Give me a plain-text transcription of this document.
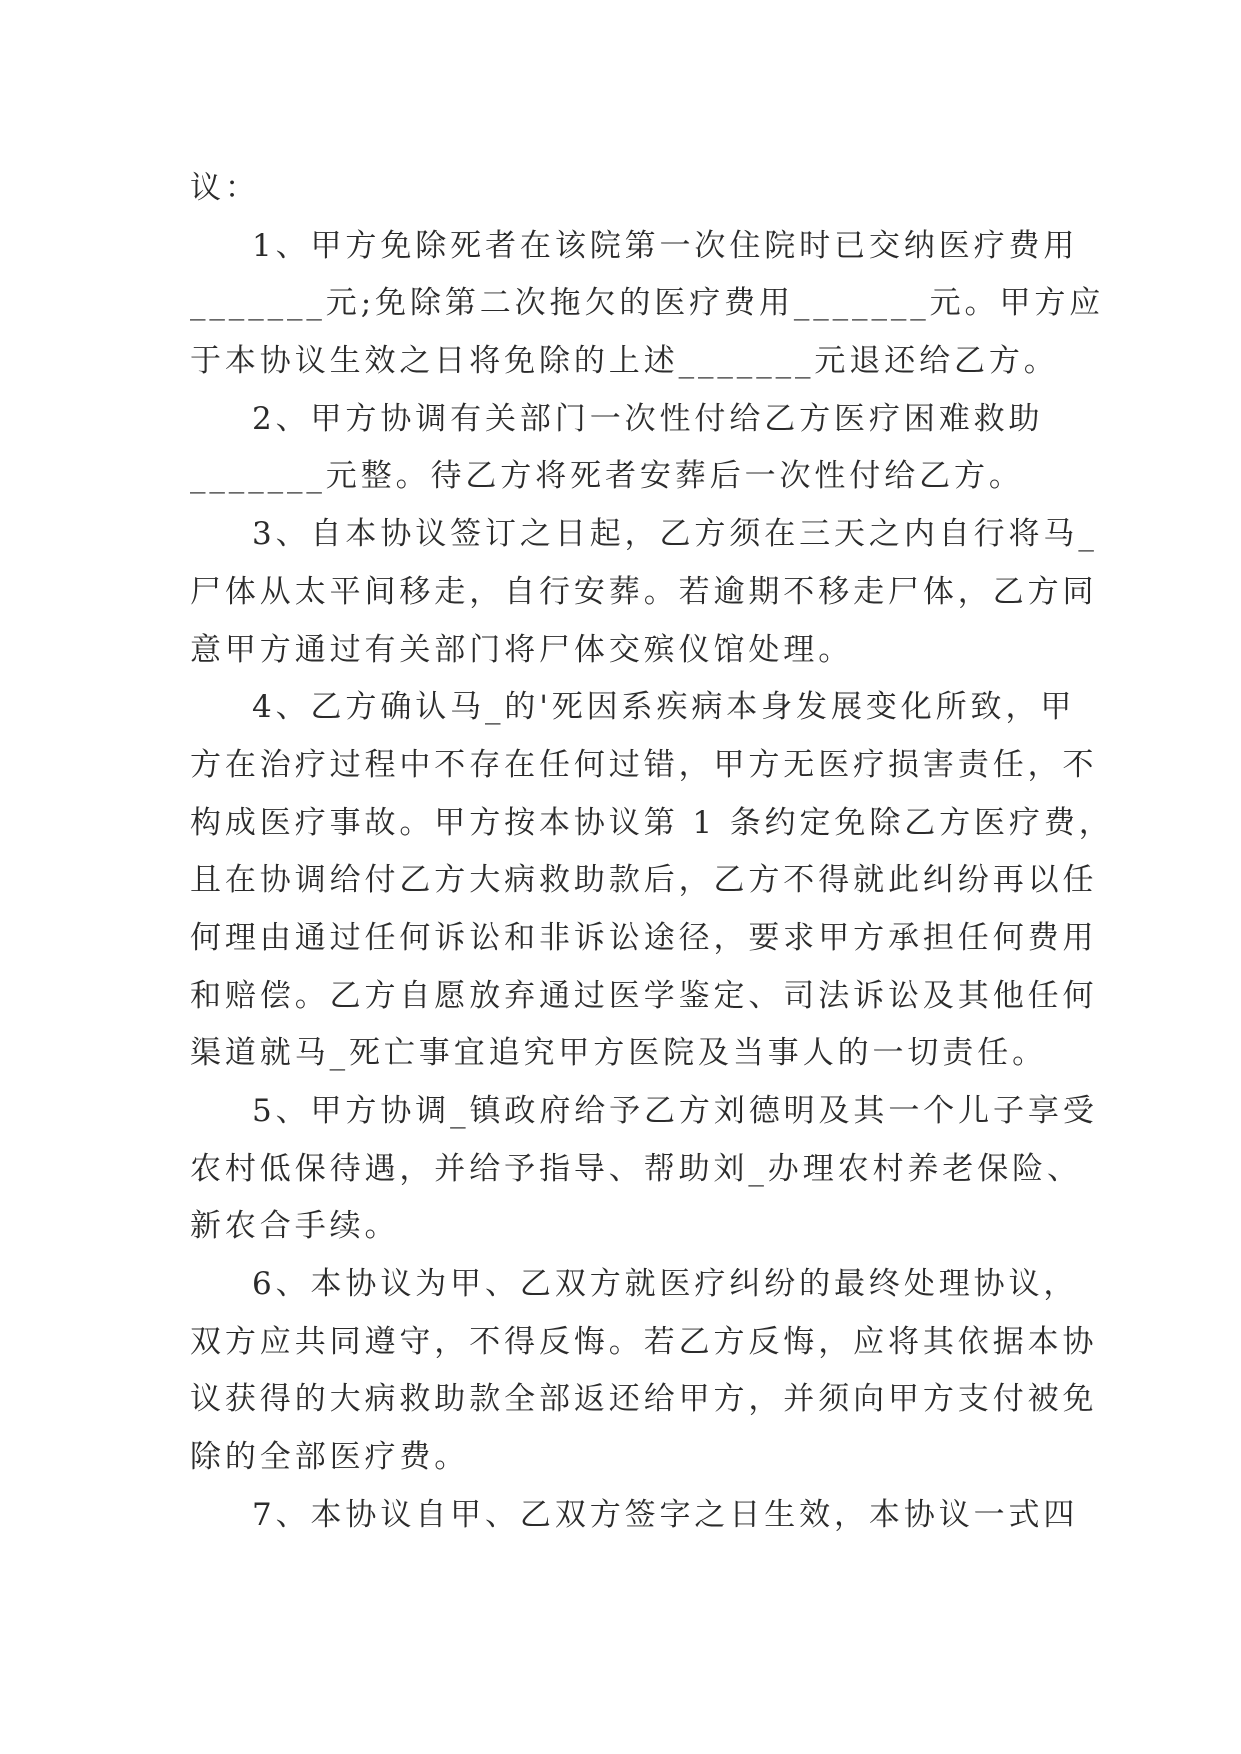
议：
1、甲方免除死者在该院第一次住院时已交纳医疗费用
_______元;免除第二次拖欠的医疗费用_______元。甲方应
于本协议生效之日将免除的上述_______元退还给乙方。
2、甲方协调有关部门一次性付给乙方医疗困难救助
_______元整。待乙方将死者安葬后一次性付给乙方。
3、自本协议签订之日起，乙方须在三天之内自行将马_
尸体从太平间移走，自行安葬。若逾期不移走尸体，乙方同
意甲方通过有关部门将尸体交殡仪馆处理。
4、乙方确认马_的'死因系疾病本身发展变化所致，甲
方在治疗过程中不存在任何过错，甲方无医疗损害责任，不
构成医疗事故。甲方按本协议第 1 条约定免除乙方医疗费，
且在协调给付乙方大病救助款后，乙方不得就此纠纷再以任
何理由通过任何诉讼和非诉讼途径，要求甲方承担任何费用
和赔偿。乙方自愿放弃通过医学鉴定、司法诉讼及其他任何
渠道就马_死亡事宜追究甲方医院及当事人的一切责任。
5、甲方协调_镇政府给予乙方刘德明及其一个儿子享受
农村低保待遇，并给予指导、帮助刘_办理农村养老保险、
新农合手续。
6、本协议为甲、乙双方就医疗纠纷的最终处理协议，
双方应共同遵守，不得反悔。若乙方反悔，应将其依据本协
议获得的大病救助款全部返还给甲方，并须向甲方支付被免
除的全部医疗费。
7、本协议自甲、乙双方签字之日生效，本协议一式四
